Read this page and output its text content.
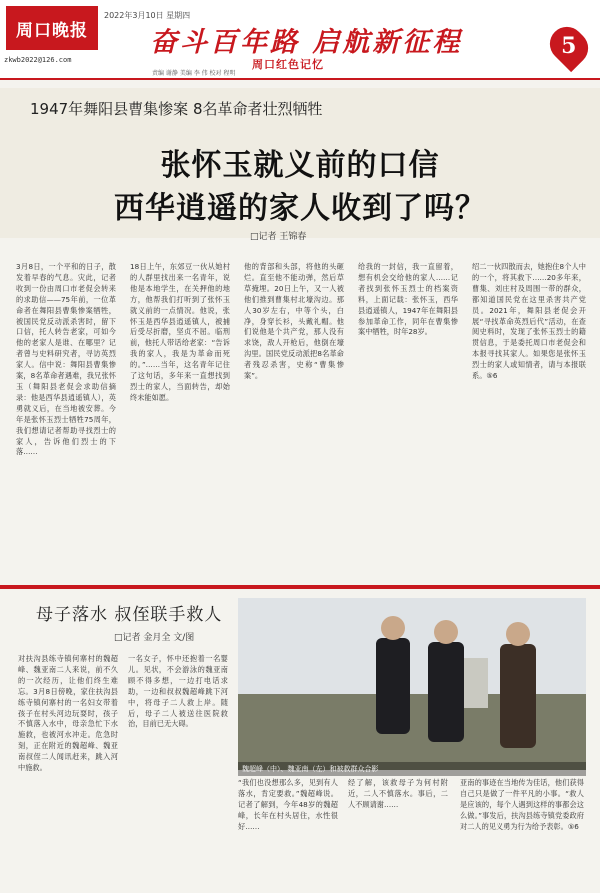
周口晚报
2022年3月10日 星期四
奋斗百年路 启航新征程
周口红色记忆
5
zkwb2022@126.com
责编 谢静 美编 李 伟 校对 程明
1947年舞阳县曹集惨案 8名革命者壮烈牺牲
张怀玉就义前的口信
西华逍遥的家人收到了吗？
□记者 王锦春
3月8日，一个平和的日子，散发着早春的气息。灾此，记者收到一份由周口市老促会转来的求助信——75年前，一位革命者在舞阳县曹集惨案牺牲，被国民党反动派杀害时，留下口信，托人转告老家，可如今他的老家人是谁、在哪里？记者曾与史料研究者，寻访英烈家人。信中说：舞阳县曹集惨案，8名革命者遇难，我兄张怀玉（舞阳县老促会求助信摘录：他是西华县逍遥镇人），英勇就义后，在当地被安葬。今年是张怀玉烈士牺牲75周年，我们想请记者帮助寻找烈士的家人，告诉他们烈士的下落……
18日上午，东郊豆一伙从她村的人群里找出来一名青年，说他是本地学生，在关押他的地方，他帮我们打听到了张怀玉就义前的一点情况。他说，张怀玉是西华县逍遥镇人，被捕后受尽折磨，坚贞不屈。临刑前，他托人带话给老家：“告诉我的家人，我是为革命而死的。”……当年，这名青年记住了这句话，多年来一直想找到烈士的家人，当面转告，却始终未能如愿。
他的背部和头部，将他的头砸烂。直至他不能动弹，然后草草掩埋。20日上午，又一人被他们推到曹集村北壕沟边。那人30岁左右，中等个头，白净，身穿长衫，头戴礼帽。他们说他是个共产党，那人没有求饶，敌人开枪后，他倒在壕沟里。国民党反动派把8名革命者残忍杀害，史称“曹集惨案”。
给我的一封信，我一直留着，想有机会交给他的家人……记者找到张怀玉烈士的档案资料，上面记载：张怀玉，西华县逍遥镇人，1947年在舞阳县参加革命工作，同年在曹集惨案中牺牲，时年28岁。
绍二一伙四散而去，她抱住8个人中的一个，将其救下……20多年来，曹集、刘庄村及周围一带的群众，都知道国民党在这里杀害共产党员。2021年，舞阳县老促会开展“寻找革命英烈后代”活动，在查阅史料时，发现了张怀玉烈士的籍贯信息，于是委托周口市老促会和本报寻找其家人。如果您是张怀玉烈士的家人或知情者，请与本报联系。⑤6
母子落水 叔侄联手救人
□记者 金月全 文/图
对扶沟县练寺镇何寨村的魏超峰、魏亚南二人来说，前不久的一次经历，让他们终生难忘。3月8日傍晚，家住扶沟县练寺镇何寨村的一名妇女带着孩子在村头河边玩耍时，孩子不慎落入水中，母亲急忙下水施救，也被河水冲走。危急时刻，正在附近的魏超峰、魏亚南叔侄二人闻讯赶来，跳入河中施救。
一名女子，怀中还抱着一名婴儿。见状，不会游泳的魏亚南顾不得多想，一边打电话求助，一边和叔叔魏超峰跳下河中，将母子二人救上岸。随后，母子二人被送往医院救治，目前已无大碍。
魏超峰（中）、魏亚南（左）和被救群众合影
“我们也没想那么多，见到有人落水，肯定要救。”魏超峰说。记者了解到，今年48岁的魏超峰，长年在村头居住，水性很好……
经了解，该救母子为何村附近，二人不慎落水。事后，二人不顾请谢……
亚南的事迹在当地传为佳话，他们获得自己只是做了一件平凡的小事。“救人是应该的，每个人遇到这样的事都会这么做。”事发后，扶沟县练寺镇党委政府对二人的见义勇为行为给予表彰。⑤6
